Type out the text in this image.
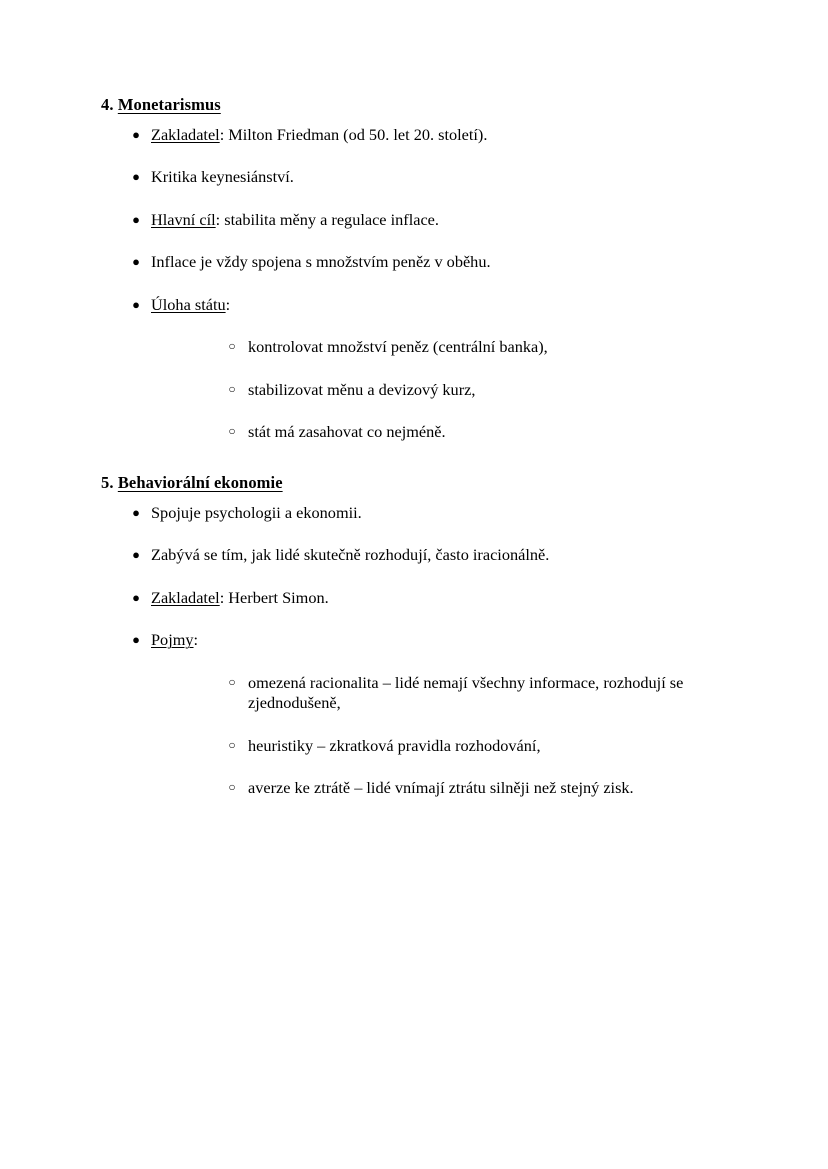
4. Monetarismus
● Zakladatel: Milton Friedman (od 50. let 20. století).
● Kritika keynesiánství.
● Hlavní cíl: stabilita měny a regulace inflace.
● Inflace je vždy spojena s množstvím peněz v oběhu.
● Úloha státu:
○ kontrolovat množství peněz (centrální banka),
○ stabilizovat měnu a devizový kurz,
○ stát má zasahovat co nejméně.
5. Behaviorální ekonomie
● Spojuje psychologii a ekonomii.
● Zabývá se tím, jak lidé skutečně rozhodují, často iracionálně.
● Zakladatel: Herbert Simon.
● Pojmy:
○ omezená racionalita – lidé nemají všechny informace, rozhodují se zjednodušeně,
○ heuristiky – zkratková pravidla rozhodování,
○ averze ke ztrátě – lidé vnímají ztrátu silněji než stejný zisk.
